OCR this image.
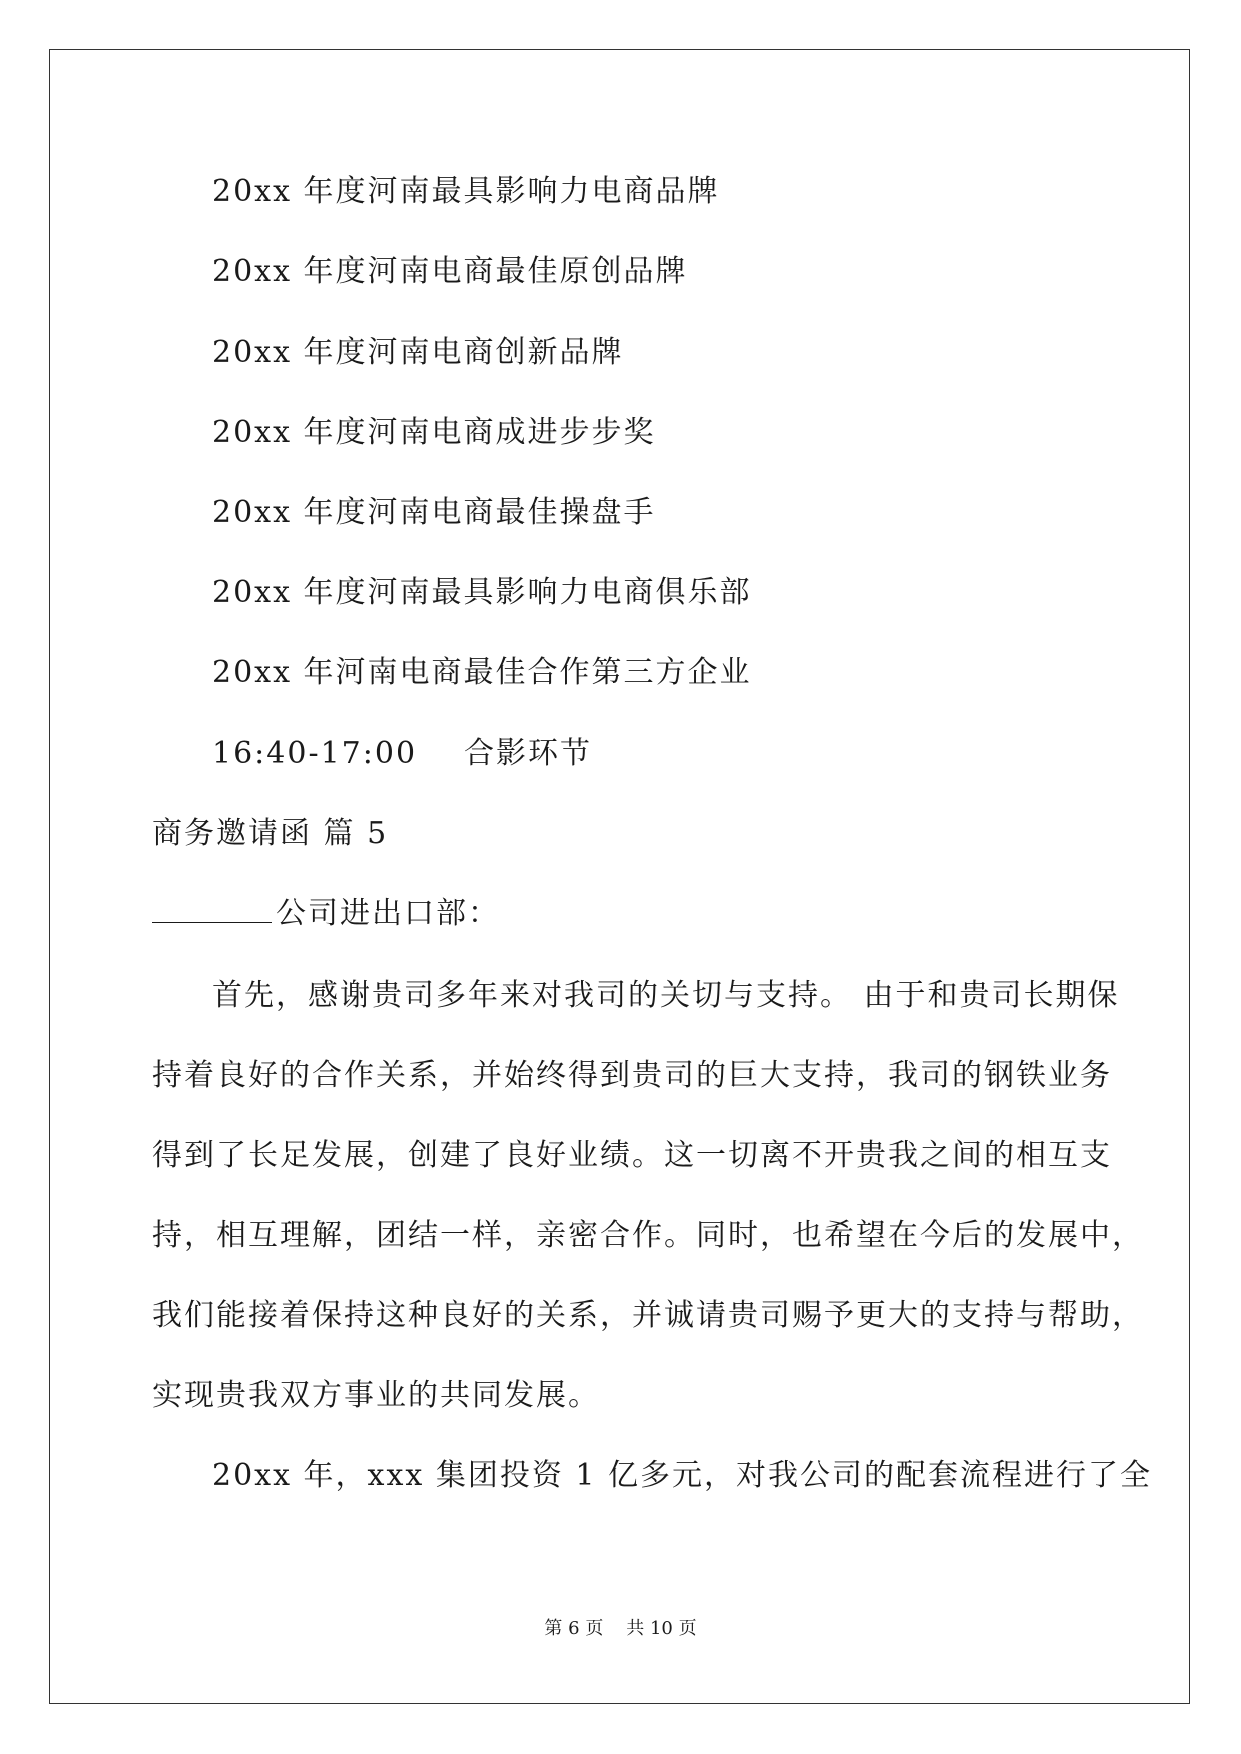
20xx 年度河南最具影响力电商品牌
20xx 年度河南电商最佳原创品牌
20xx 年度河南电商创新品牌
20xx 年度河南电商成进步步奖
20xx 年度河南电商最佳操盘手
20xx 年度河南最具影响力电商俱乐部
20xx 年河南电商最佳合作第三方企业
16:40-17:00 合影环节
商务邀请函 篇 5
公司进出口部：
首先，感谢贵司多年来对我司的关切与支持。 由于和贵司长期保
持着良好的合作关系，并始终得到贵司的巨大支持，我司的钢铁业务
得到了长足发展，创建了良好业绩。这一切离不开贵我之间的相互支
持，相互理解，团结一样，亲密合作。同时，也希望在今后的发展中，
我们能接着保持这种良好的关系，并诚请贵司赐予更大的支持与帮助，
实现贵我双方事业的共同发展。
20xx 年，xxx 集团投资 1 亿多元，对我公司的配套流程进行了全
第 6 页 共 10 页
